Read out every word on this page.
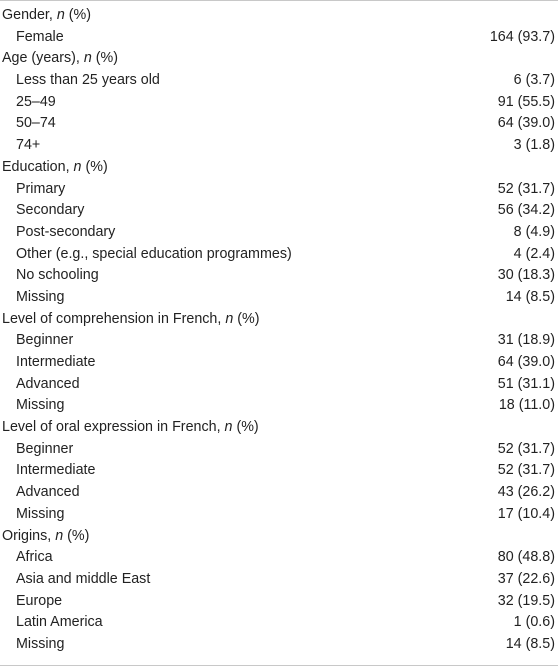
Gender, n (%)
Female	164 (93.7)
Age (years), n (%)
Less than 25 years old	6 (3.7)
25–49	91 (55.5)
50–74	64 (39.0)
74+	3 (1.8)
Education, n (%)
Primary	52 (31.7)
Secondary	56 (34.2)
Post-secondary	8 (4.9)
Other (e.g., special education programmes)	4 (2.4)
No schooling	30 (18.3)
Missing	14 (8.5)
Level of comprehension in French, n (%)
Beginner	31 (18.9)
Intermediate	64 (39.0)
Advanced	51 (31.1)
Missing	18 (11.0)
Level of oral expression in French, n (%)
Beginner	52 (31.7)
Intermediate	52 (31.7)
Advanced	43 (26.2)
Missing	17 (10.4)
Origins, n (%)
Africa	80 (48.8)
Asia and middle East	37 (22.6)
Europe	32 (19.5)
Latin America	1 (0.6)
Missing	14 (8.5)
